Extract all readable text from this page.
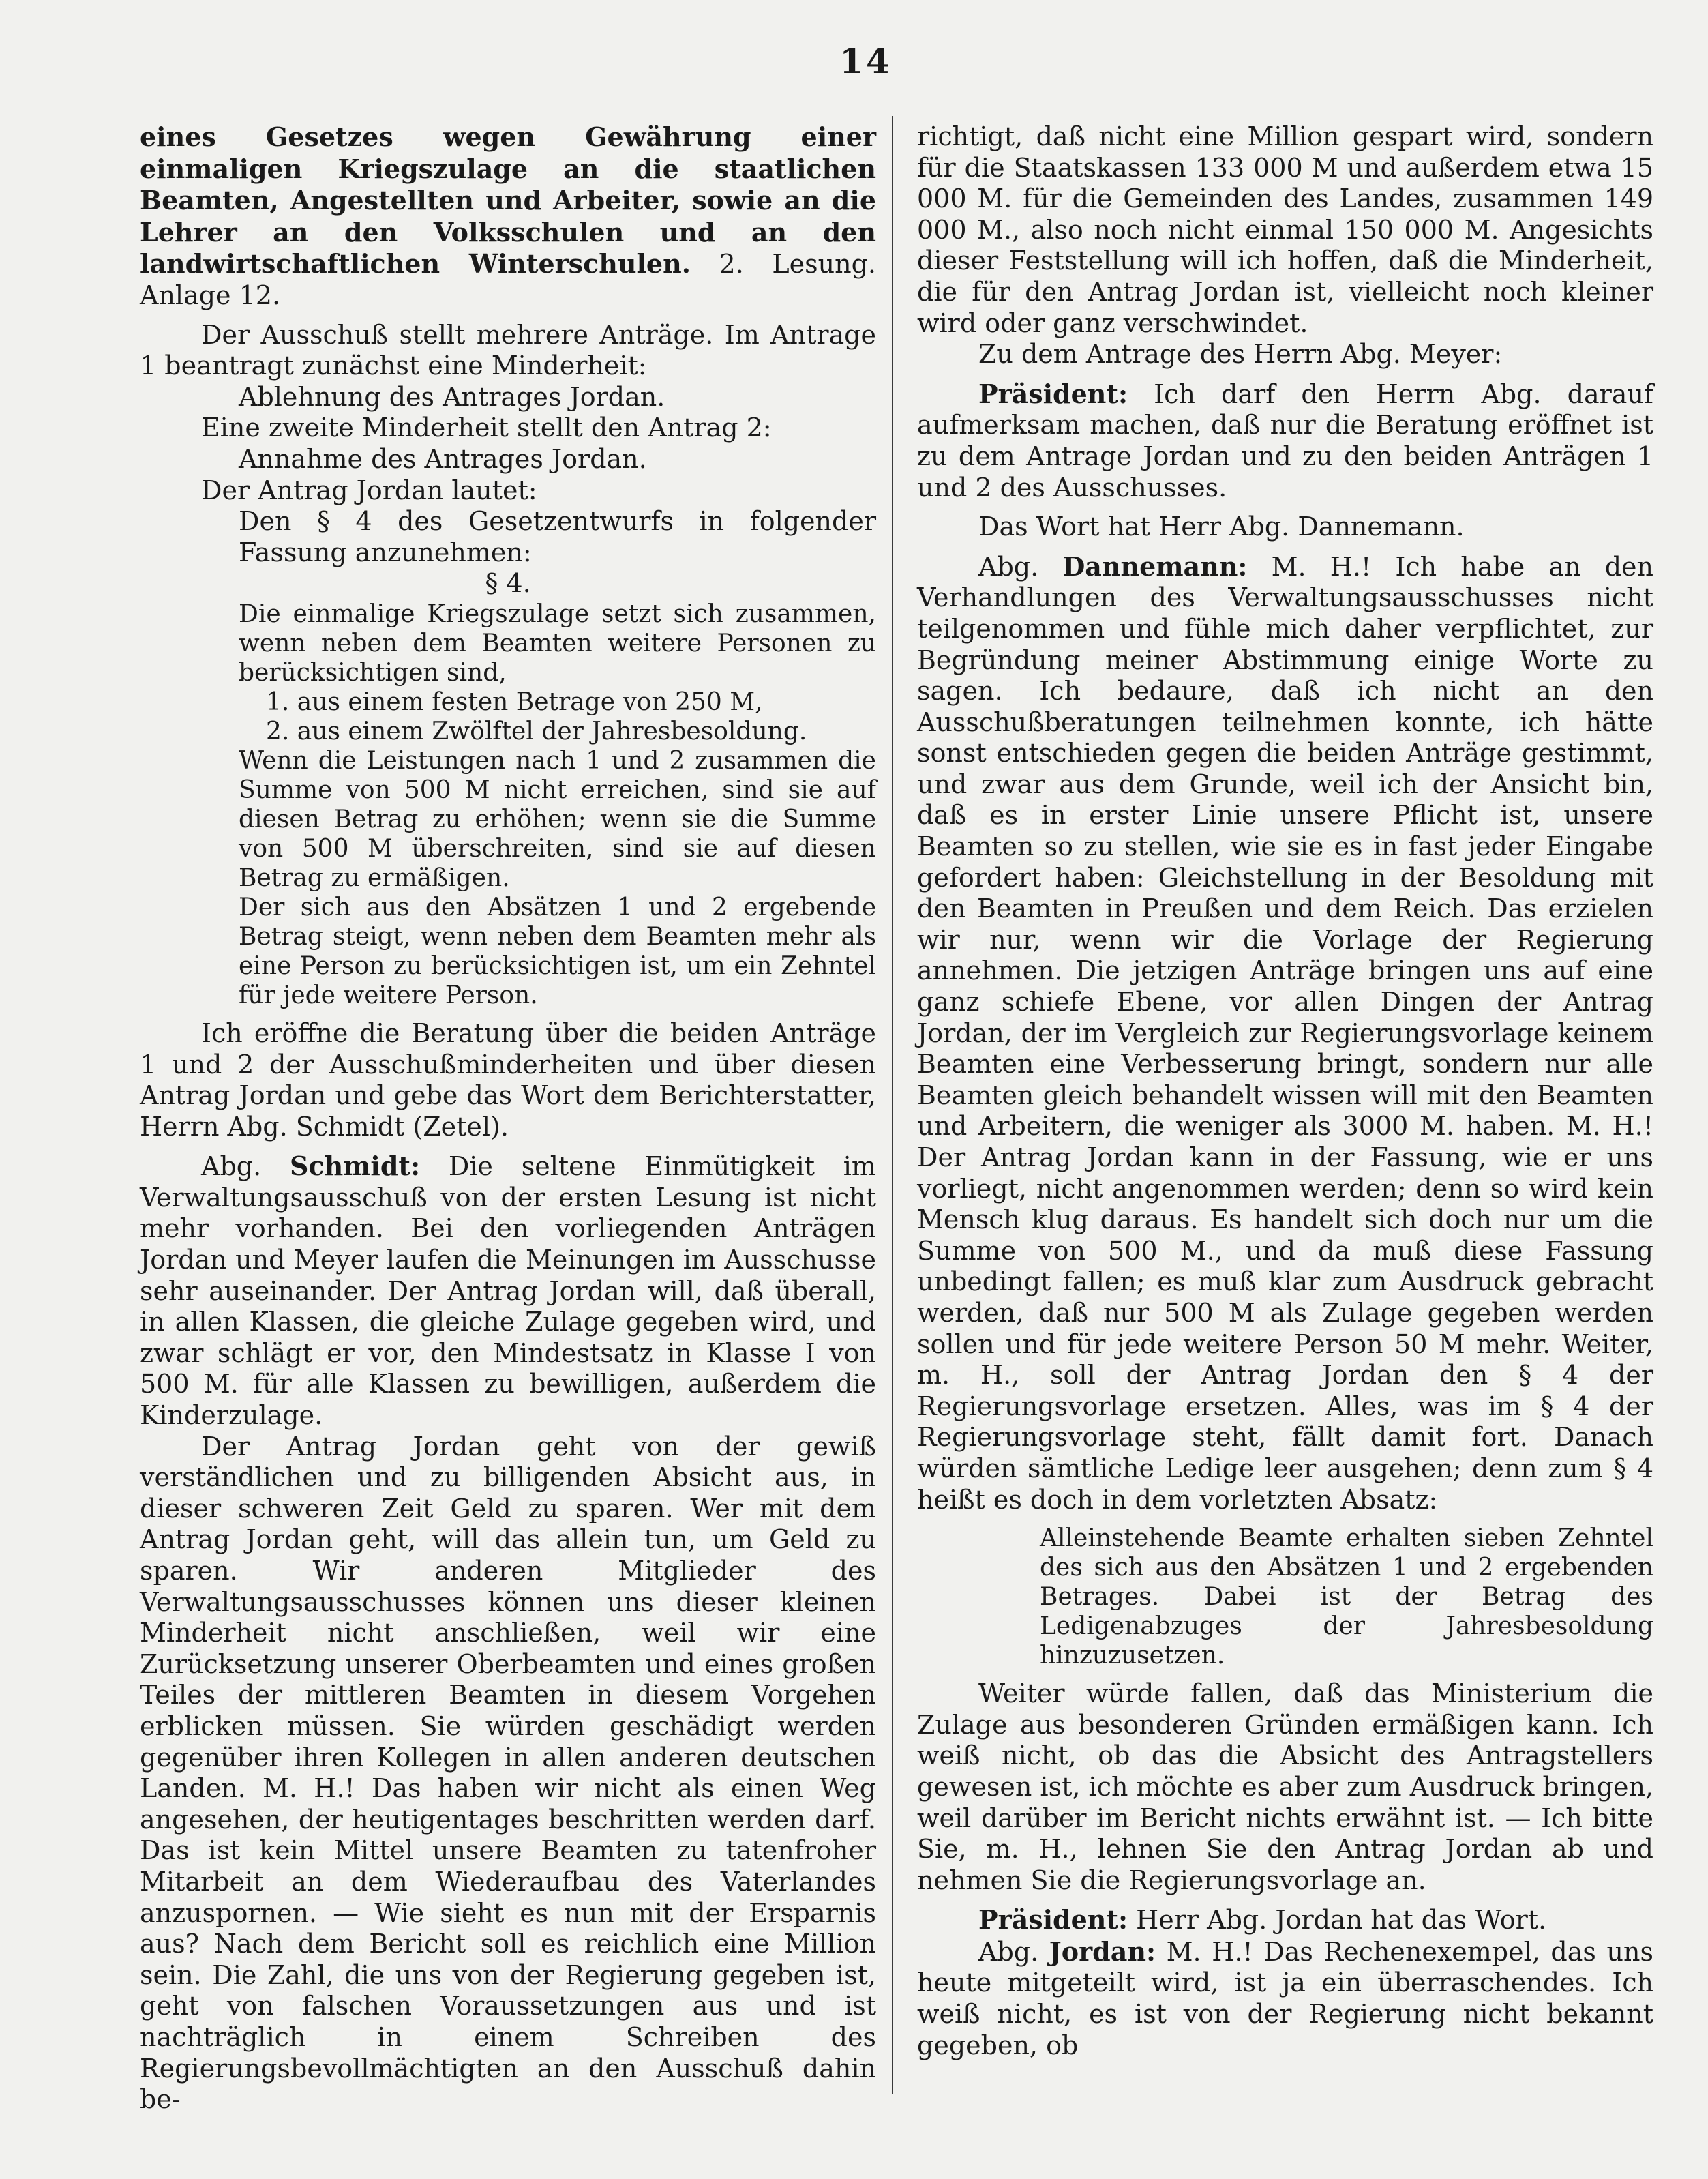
14

eines Gesetzes wegen Gewährung einer einmaligen Kriegszulage an die staatlichen Beamten, Angestellten und Arbeiter, sowie an die Lehrer an den Volksschulen und an den landwirtschaftlichen Winterschulen. 2. Lesung. Anlage 12.

Der Ausschuß stellt mehrere Anträge. Im Antrage 1 beantragt zunächst eine Minderheit:

Ablehnung des Antrages Jordan.

Eine zweite Minderheit stellt den Antrag 2:

Annahme des Antrages Jordan.

Der Antrag Jordan lautet:

Den § 4 des Gesetzentwurfs in folgender Fassung anzunehmen:

§ 4.

Die einmalige Kriegszulage setzt sich zusammen, wenn neben dem Beamten weitere Personen zu berücksichtigen sind,

1. aus einem festen Betrage von 250 M,

2. aus einem Zwölftel der Jahresbesoldung.

Wenn die Leistungen nach 1 und 2 zusammen die Summe von 500 M nicht erreichen, sind sie auf diesen Betrag zu erhöhen; wenn sie die Summe von 500 M überschreiten, sind sie auf diesen Betrag zu ermäßigen.

Der sich aus den Absätzen 1 und 2 ergebende Betrag steigt, wenn neben dem Beamten mehr als eine Person zu berücksichtigen ist, um ein Zehntel für jede weitere Person.

Ich eröffne die Beratung über die beiden Anträge 1 und 2 der Ausschußminderheiten und über diesen Antrag Jordan und gebe das Wort dem Berichterstatter, Herrn Abg. Schmidt (Zetel).

Abg. Schmidt: Die seltene Einmütigkeit im Verwaltungsausschuß von der ersten Lesung ist nicht mehr vorhanden. Bei den vorliegenden Anträgen Jordan und Meyer laufen die Meinungen im Ausschusse sehr auseinander. Der Antrag Jordan will, daß überall, in allen Klassen, die gleiche Zulage gegeben wird, und zwar schlägt er vor, den Mindestsatz in Klasse I von 500 M. für alle Klassen zu bewilligen, außerdem die Kinderzulage.

Der Antrag Jordan geht von der gewiß verständlichen und zu billigenden Absicht aus, in dieser schweren Zeit Geld zu sparen. Wer mit dem Antrag Jordan geht, will das allein tun, um Geld zu sparen. Wir anderen Mitglieder des Verwaltungsausschusses können uns dieser kleinen Minderheit nicht anschließen, weil wir eine Zurücksetzung unserer Oberbeamten und eines großen Teiles der mittleren Beamten in diesem Vorgehen erblicken müssen. Sie würden geschädigt werden gegenüber ihren Kollegen in allen anderen deutschen Landen. M. H.! Das haben wir nicht als einen Weg angesehen, der heutigentages beschritten werden darf. Das ist kein Mittel unsere Beamten zu tatenfroher Mitarbeit an dem Wiederaufbau des Vaterlandes anzuspornen. — Wie sieht es nun mit der Ersparnis aus? Nach dem Bericht soll es reichlich eine Million sein. Die Zahl, die uns von der Regierung gegeben ist, geht von falschen Voraussetzungen aus und ist nachträglich in einem Schreiben des Regierungsbevollmächtigten an den Ausschuß dahin be-

richtigt, daß nicht eine Million gespart wird, sondern für die Staatskassen 133 000 M und außerdem etwa 15 000 M. für die Gemeinden des Landes, zusammen 149 000 M., also noch nicht einmal 150 000 M. Angesichts dieser Feststellung will ich hoffen, daß die Minderheit, die für den Antrag Jordan ist, vielleicht noch kleiner wird oder ganz verschwindet.

Zu dem Antrage des Herrn Abg. Meyer:

Präsident: Ich darf den Herrn Abg. darauf aufmerksam machen, daß nur die Beratung eröffnet ist zu dem Antrage Jordan und zu den beiden Anträgen 1 und 2 des Ausschusses.

Das Wort hat Herr Abg. Dannemann.

Abg. Dannemann: M. H.! Ich habe an den Verhandlungen des Verwaltungsausschusses nicht teilgenommen und fühle mich daher verpflichtet, zur Begründung meiner Abstimmung einige Worte zu sagen. Ich bedaure, daß ich nicht an den Ausschußberatungen teilnehmen konnte, ich hätte sonst entschieden gegen die beiden Anträge gestimmt, und zwar aus dem Grunde, weil ich der Ansicht bin, daß es in erster Linie unsere Pflicht ist, unsere Beamten so zu stellen, wie sie es in fast jeder Eingabe gefordert haben: Gleichstellung in der Besoldung mit den Beamten in Preußen und dem Reich. Das erzielen wir nur, wenn wir die Vorlage der Regierung annehmen. Die jetzigen Anträge bringen uns auf eine ganz schiefe Ebene, vor allen Dingen der Antrag Jordan, der im Vergleich zur Regierungsvorlage keinem Beamten eine Verbesserung bringt, sondern nur alle Beamten gleich behandelt wissen will mit den Beamten und Arbeitern, die weniger als 3000 M. haben. M. H.! Der Antrag Jordan kann in der Fassung, wie er uns vorliegt, nicht angenommen werden; denn so wird kein Mensch klug daraus. Es handelt sich doch nur um die Summe von 500 M., und da muß diese Fassung unbedingt fallen; es muß klar zum Ausdruck gebracht werden, daß nur 500 M als Zulage gegeben werden sollen und für jede weitere Person 50 M mehr. Weiter, m. H., soll der Antrag Jordan den § 4 der Regierungsvorlage ersetzen. Alles, was im § 4 der Regierungsvorlage steht, fällt damit fort. Danach würden sämtliche Ledige leer ausgehen; denn zum § 4 heißt es doch in dem vorletzten Absatz:

Alleinstehende Beamte erhalten sieben Zehntel des sich aus den Absätzen 1 und 2 ergebenden Betrages. Dabei ist der Betrag des Ledigenabzuges der Jahresbesoldung hinzuzusetzen.

Weiter würde fallen, daß das Ministerium die Zulage aus besonderen Gründen ermäßigen kann. Ich weiß nicht, ob das die Absicht des Antragstellers gewesen ist, ich möchte es aber zum Ausdruck bringen, weil darüber im Bericht nichts erwähnt ist. — Ich bitte Sie, m. H., lehnen Sie den Antrag Jordan ab und nehmen Sie die Regierungsvorlage an.

Präsident: Herr Abg. Jordan hat das Wort.

Abg. Jordan: M. H.! Das Rechenexempel, das uns heute mitgeteilt wird, ist ja ein überraschendes. Ich weiß nicht, es ist von der Regierung nicht bekannt gegeben, ob
